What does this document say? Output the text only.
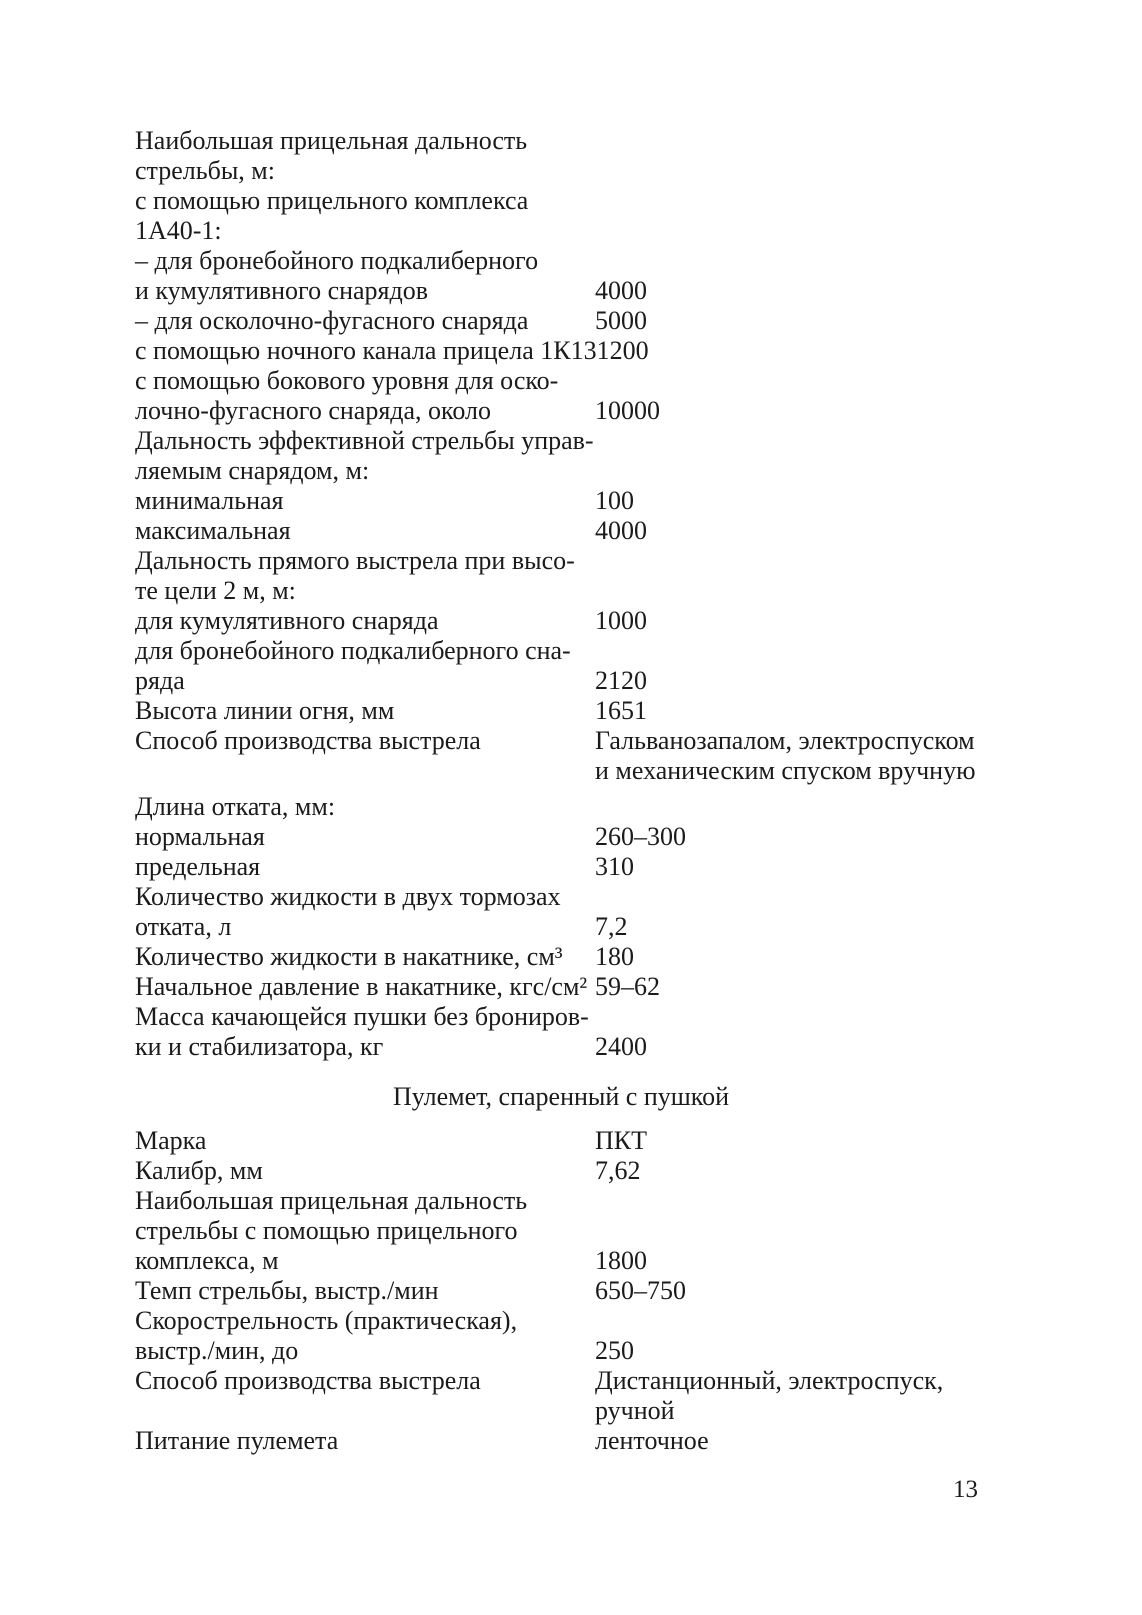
Наибольшая прицельная дальность
стрельбы, м:
с помощью прицельного комплекса
1А40-1:
– для бронебойного подкалиберного
и кумулятивного снарядов	4000
– для осколочно-фугасного снаряда	5000
с помощью ночного канала прицела 1К13 1200
с помощью бокового уровня для оско-
лочно-фугасного снаряда, около	10000
Дальность эффективной стрельбы управ-
ляемым снарядом, м:
минимальная	100
максимальная	4000
Дальность прямого выстрела при высо-
те цели 2 м, м:
для кумулятивного снаряда	1000
для бронебойного подкалиберного сна-
ряда	2120
Высота линии огня, мм	1651
Способ производства выстрела	Гальванозапалом, электроспуском
и механическим спуском вручную
Длина отката, мм:
нормальная	260–300
предельная	310
Количество жидкости в двух тормозах
отката, л	7,2
Количество жидкости в накатнике, см³	180
Начальное давление в накатнике, кгс/см² 59–62
Масса качающейся пушки без брониров-
ки и стабилизатора, кг	2400
Пулемет, спаренный с пушкой
Марка	ПКТ
Калибр, мм	7,62
Наибольшая прицельная дальность
стрельбы с помощью прицельного
комплекса, м	1800
Темп стрельбы, выстр./мин	650–750
Скорострельность (практическая),
выстр./мин, до	250
Способ производства выстрела	Дистанционный, электроспуск,
ручной
Питание пулемета	ленточное
13
